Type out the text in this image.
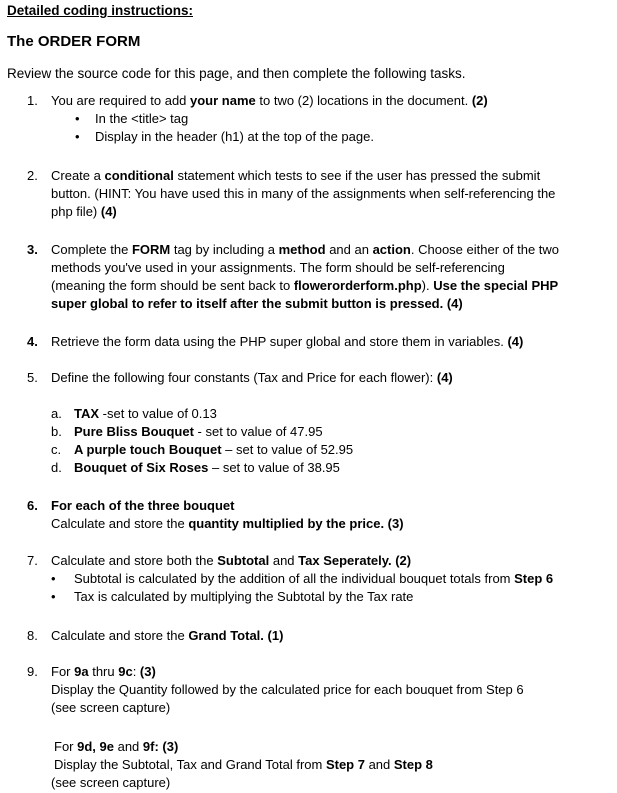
Detailed coding instructions:
The ORDER FORM
Review the source code for this page, and then complete the following tasks.
1.	You are required to add your name to two (2) locations in the document. (2)
• In the <title> tag
• Display in the header (h1) at the top of the page.
2.	Create a conditional statement which tests to see if the user has pressed the submit
button. (HINT: You have used this in many of the assignments when self-referencing the
php file) (4)
3.	Complete the FORM tag by including a method and an action. Choose either of the two
methods you've used in your assignments. The form should be self-referencing
(meaning the form should be sent back to flowerorderform.php). Use the special PHP
super global to refer to itself after the submit button is pressed. (4)
4.	Retrieve the form data using the PHP super global and store them in variables. (4)
5.	Define the following four constants (Tax and Price for each flower): (4)
a. TAX -set to value of 0.13
b. Pure Bliss Bouquet - set to value of 47.95
c. A purple touch Bouquet – set to value of 52.95
d. Bouquet of Six Roses – set to value of 38.95
6.	For each of the three bouquet
Calculate and store the quantity multiplied by the price. (3)
7.	Calculate and store both the Subtotal and Tax Seperately. (2)
• Subtotal is calculated by the addition of all the individual bouquet totals from Step 6
• Tax is calculated by multiplying the Subtotal by the Tax rate
8.	Calculate and store the Grand Total. (1)
9.	For 9a thru 9c: (3)
Display the Quantity followed by the calculated price for each bouquet from Step 6
(see screen capture)
For 9d, 9e and 9f: (3)
Display the Subtotal, Tax and Grand Total from Step 7 and Step 8
(see screen capture)
